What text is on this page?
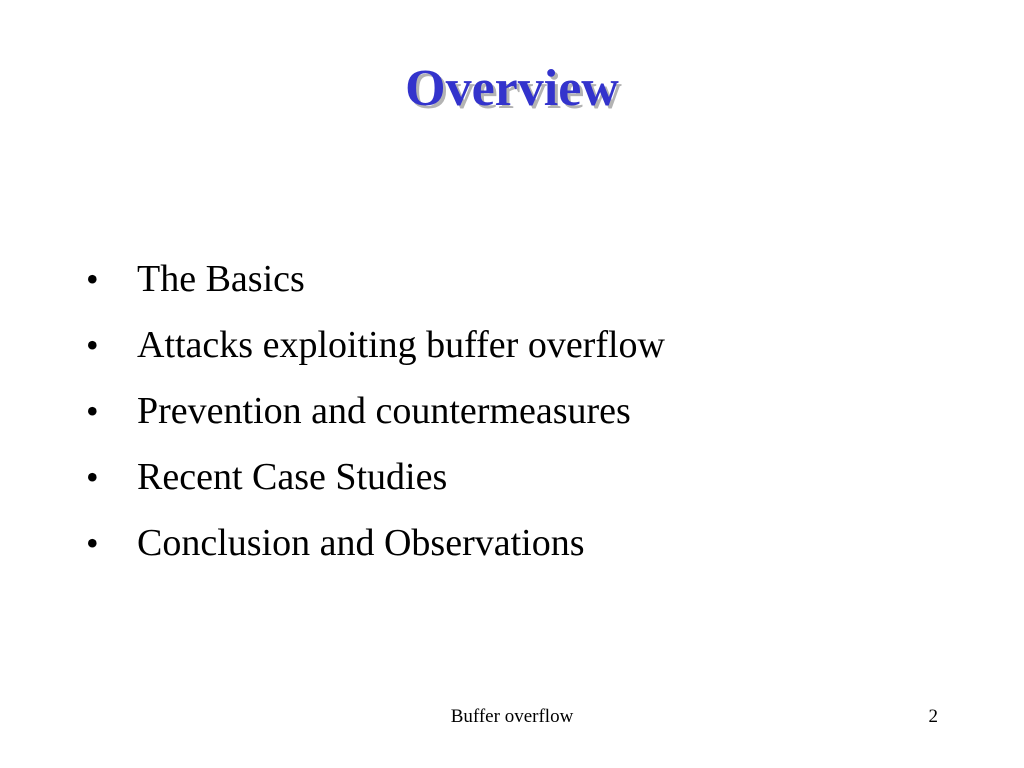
Overview
•	The Basics
•	Attacks exploiting buffer overflow
•	Prevention and countermeasures
•	Recent Case Studies
•	Conclusion and Observations
Buffer overflow	2
